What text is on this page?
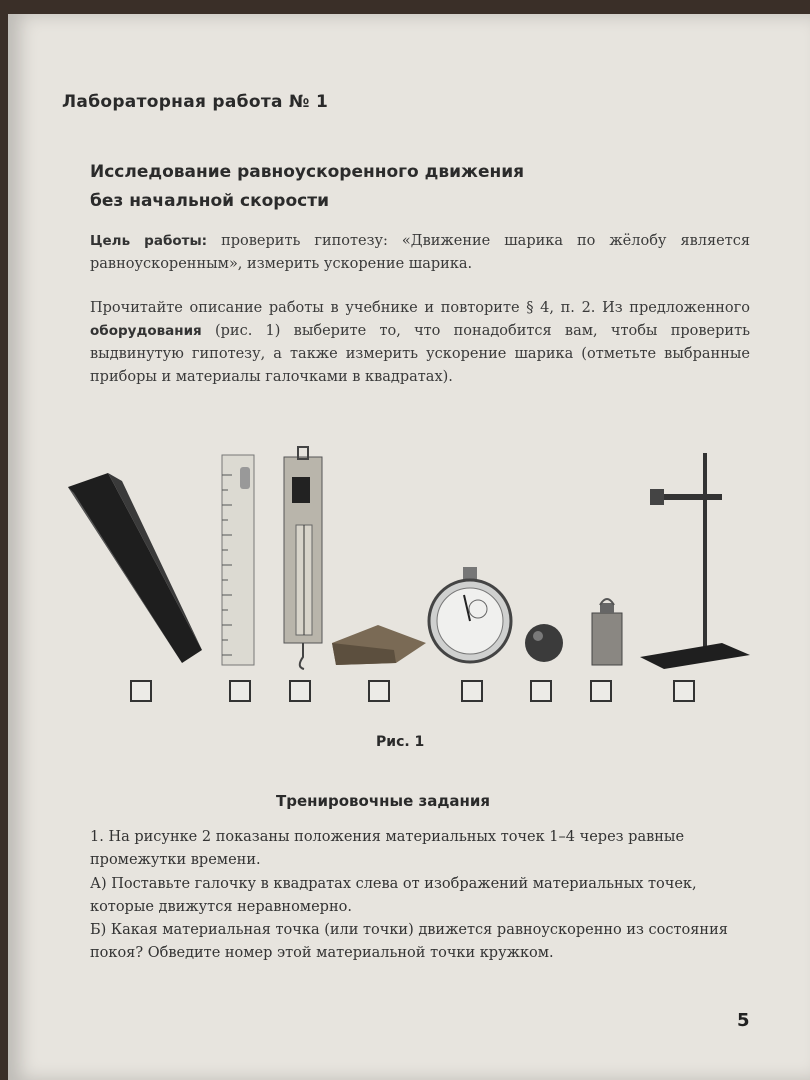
Лабораторная работа № 1
Исследование равноускоренного движения
без начальной скорости
Цель работы: проверить гипотезу: «Движение шарика по жёлобу является равноускоренным», измерить ускорение шарика.
Прочитайте описание работы в учебнике и повторите § 4, п. 2. Из предложенного оборудования (рис. 1) выберите то, что понадобится вам, чтобы проверить выдвинутую гипотезу, а также измерить ускорение шарика (отметьте выбранные приборы и материалы галочками в квадратах).
Рис. 1
Тренировочные задания
1. На рисунке 2 показаны положения материальных точек 1–4 через равные промежутки времени.
А) Поставьте галочку в квадратах слева от изображений материальных точек, которые движутся неравномерно.
Б) Какая материальная точка (или точки) движется равноускоренно из состояния покоя? Обведите номер этой материальной точки кружком.
5
